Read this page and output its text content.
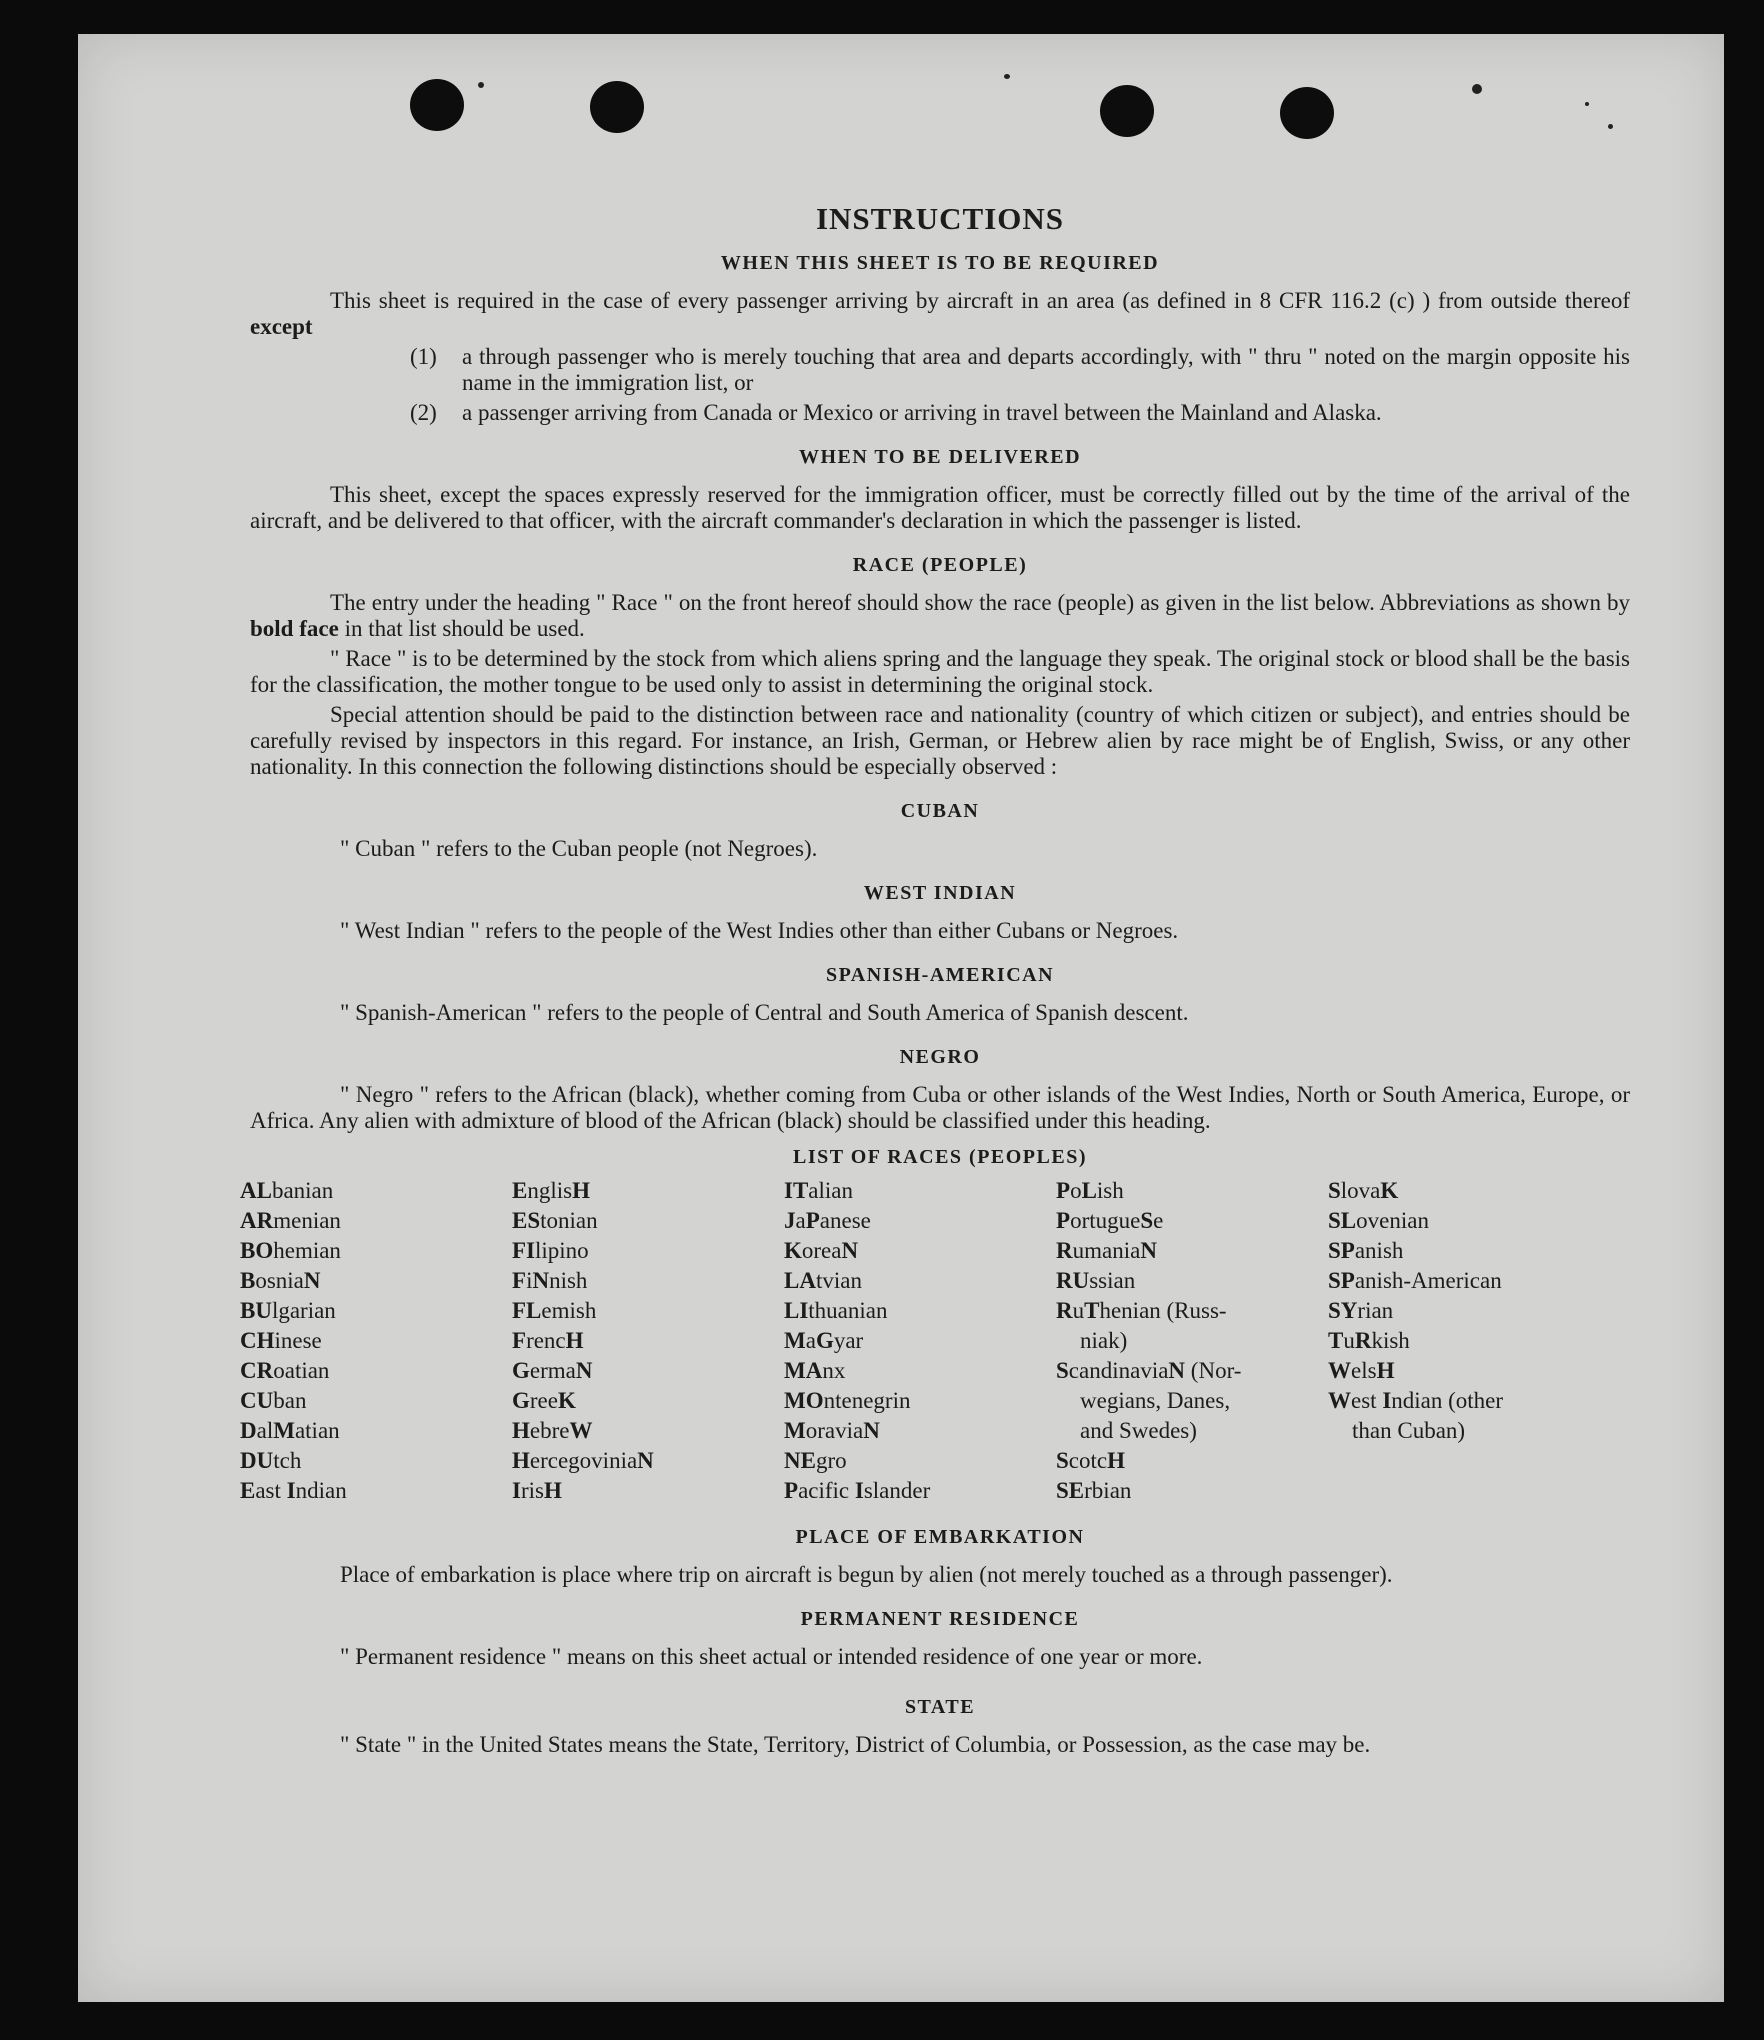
INSTRUCTIONS
WHEN THIS SHEET IS TO BE REQUIRED

This sheet is required in the case of every passenger arriving by aircraft in an area (as defined in 8 CFR 116.2 (c) ) from outside thereof except

(1)	a through passenger who is merely touching that area and departs accordingly, with " thru " noted on the margin opposite his name in the immigration list, or
(2)	a passenger arriving from Canada or Mexico or arriving in travel between the Mainland and Alaska.
WHEN TO BE DELIVERED

This sheet, except the spaces expressly reserved for the immigration officer, must be correctly filled out by the time of the arrival of the aircraft, and be delivered to that officer, with the aircraft commander's declaration in which the passenger is listed.

RACE (PEOPLE)

The entry under the heading " Race " on the front hereof should show the race (people) as given in the list below. Abbreviations as shown by bold face in that list should be used.

" Race " is to be determined by the stock from which aliens spring and the language they speak. The original stock or blood shall be the basis for the classification, the mother tongue to be used only to assist in determining the original stock.

Special attention should be paid to the distinction between race and nationality (country of which citizen or subject), and entries should be carefully revised by inspectors in this regard. For instance, an Irish, German, or Hebrew alien by race might be of English, Swiss, or any other nationality. In this connection the following distinctions should be especially observed :

CUBAN

" Cuban " refers to the Cuban people (not Negroes).

WEST INDIAN

" West Indian " refers to the people of the West Indies other than either Cubans or Negroes.

SPANISH-AMERICAN

" Spanish-American " refers to the people of Central and South America of Spanish descent.

NEGRO

" Negro " refers to the African (black), whether coming from Cuba or other islands of the West Indies, North or South America, Europe, or Africa. Any alien with admixture of blood of the African (black) should be classified under this heading.

LIST OF RACES (PEOPLES)
ALbanian
ARmenian
BOhemian
BosniaN
BUlgarian
CHinese
CRoatian
CUban
DalMatian
DUtch
East Indian
EnglisH
EStonian
FIlipino
FiNnish
FLemish
FrencH
GermaN
GreeK
HebreW
HercegoviniaN
IrisH
ITalian
JaPanese
KoreaN
LAtvian
LIthuanian
MaGyar
MAnx
MOntenegrin
MoraviaN
NEgro
Pacific Islander
PoLish
PortugueSe
RumaniaN
RUssian
RuThenian (Russ-
niak)
ScandinaviaN (Nor-
wegians, Danes,
and Swedes)
ScotcH
SErbian
SlovaK
SLovenian
SPanish
SPanish-American
SYrian
TuRkish
WelsH
West Indian (other
than Cuban)
PLACE OF EMBARKATION

Place of embarkation is place where trip on aircraft is begun by alien (not merely touched as a through passenger).

PERMANENT RESIDENCE

" Permanent residence " means on this sheet actual or intended residence of one year or more.

STATE

" State " in the United States means the State, Territory, District of Columbia, or Possession, as the case may be.
